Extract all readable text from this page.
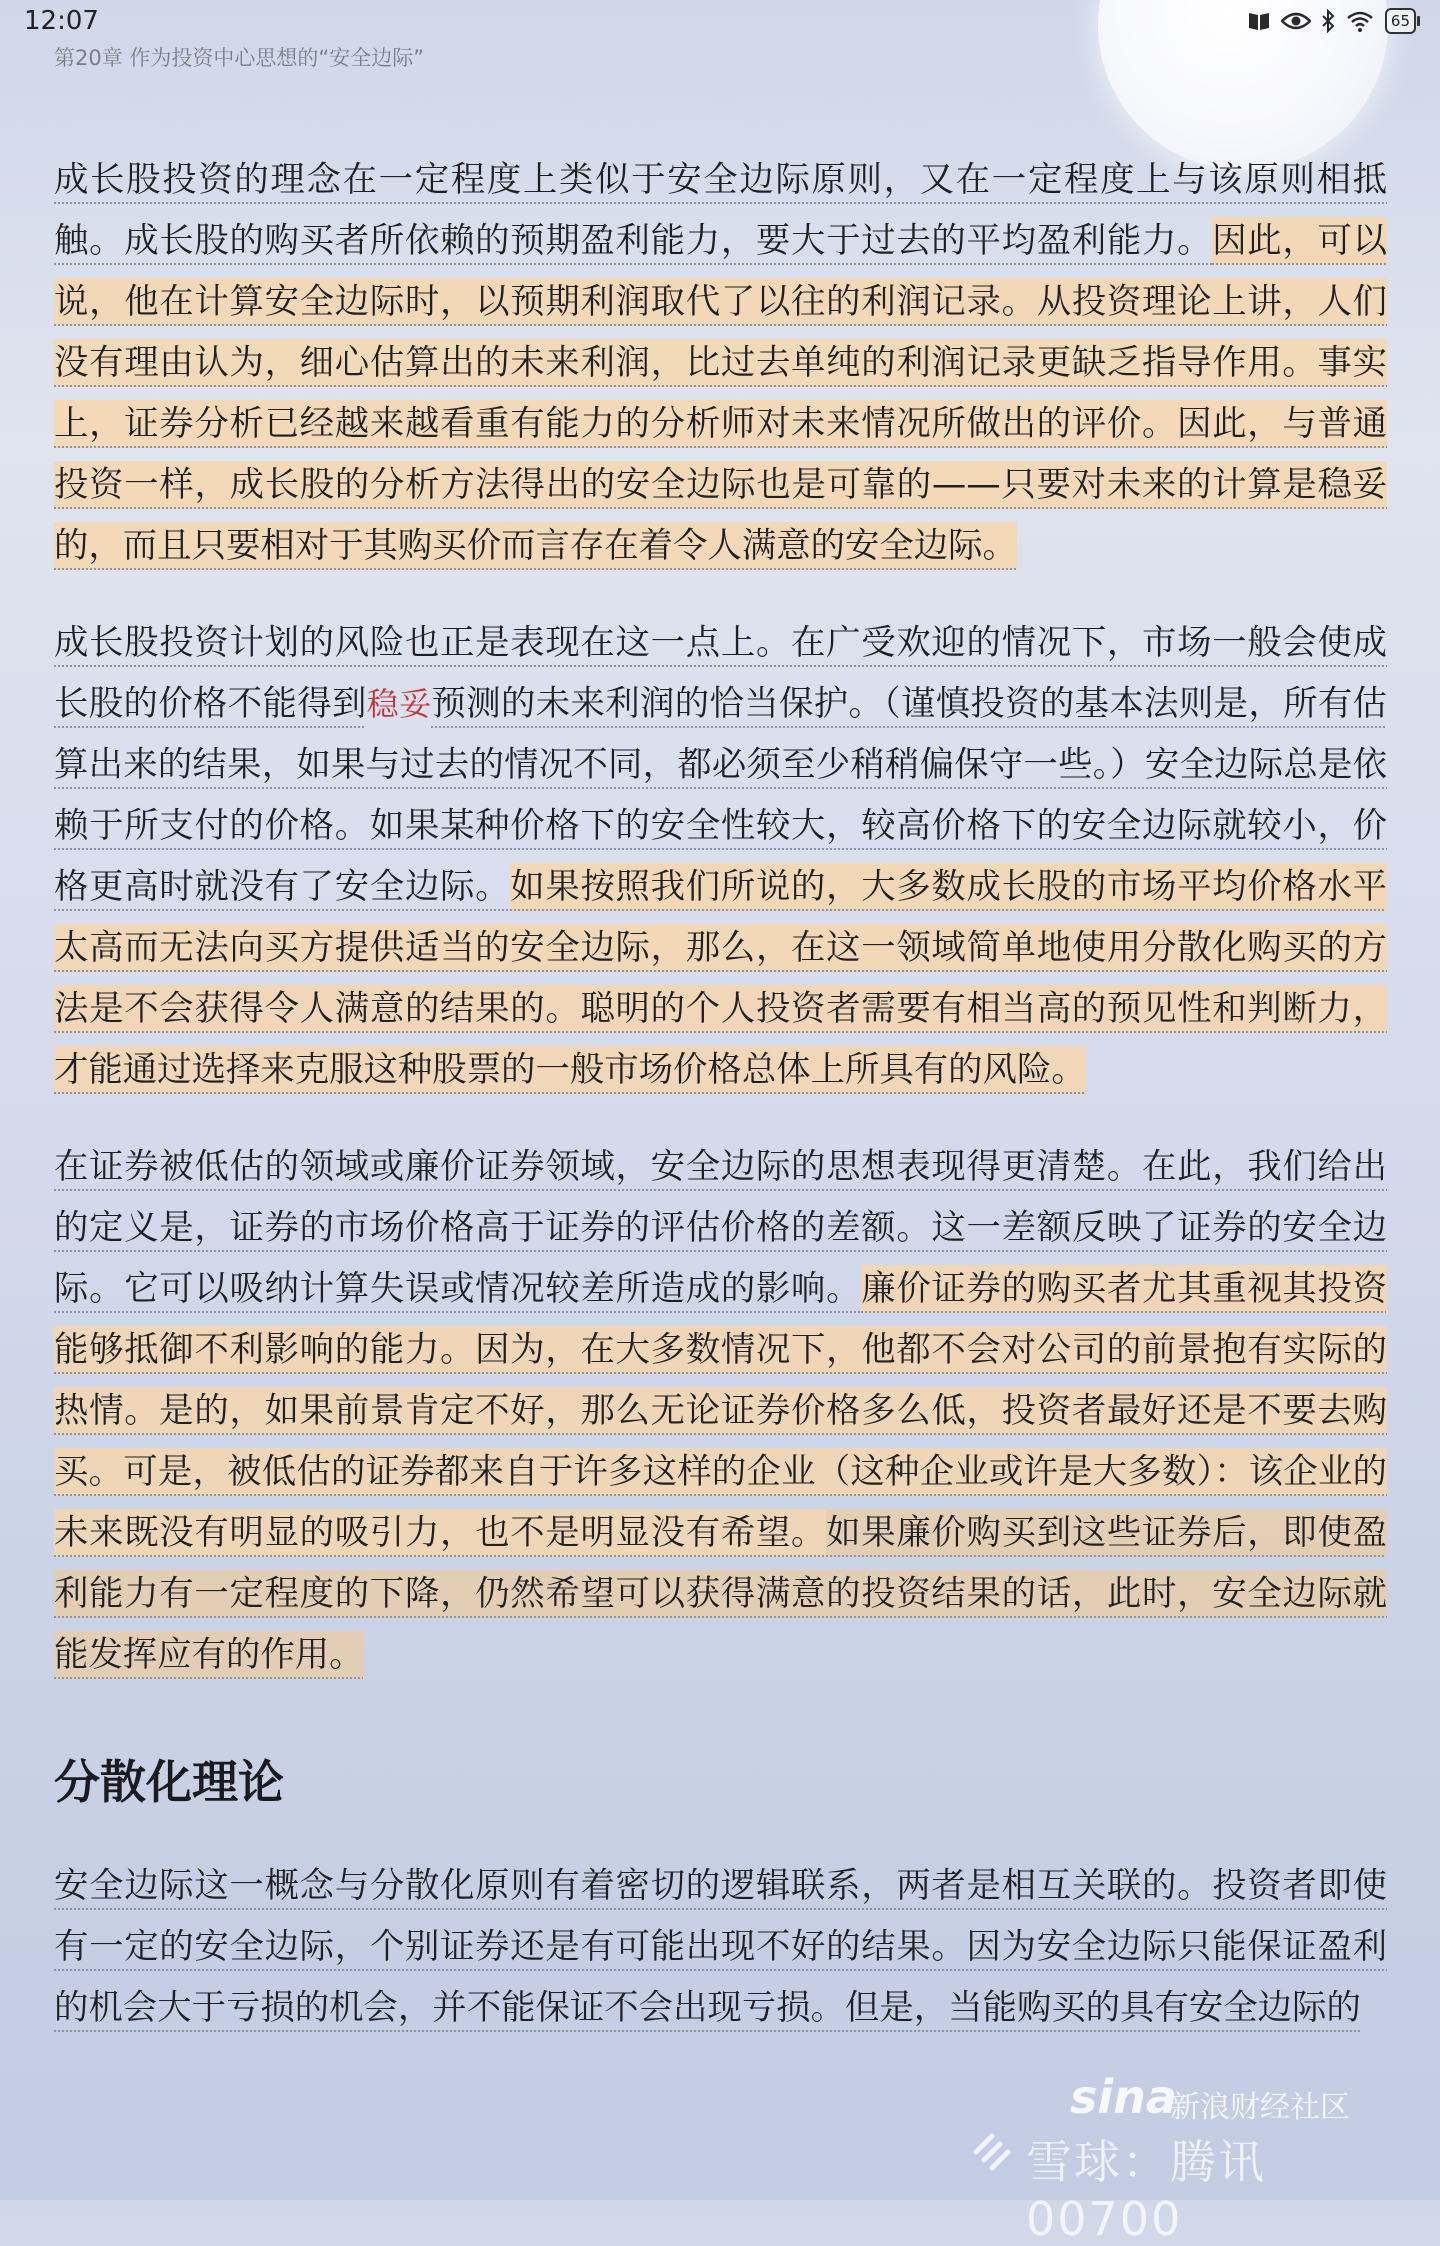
12:07	65
第20章 作为投资中心思想的“安全边际”

成长股投资的理念在一定程度上类似于安全边际原则，又在一定程度上与该原则相抵触。成长股的购买者所依赖的预期盈利能力，要大于过去的平均盈利能力。因此，可以说，他在计算安全边际时，以预期利润取代了以往的利润记录。从投资理论上讲，人们没有理由认为，细心估算出的未来利润，比过去单纯的利润记录更缺乏指导作用。事实上，证券分析已经越来越看重有能力的分析师对未来情况所做出的评价。因此，与普通投资一样，成长股的分析方法得出的安全边际也是可靠的——只要对未来的计算是稳妥的，而且只要相对于其购买价而言存在着令人满意的安全边际。

成长股投资计划的风险也正是表现在这一点上。在广受欢迎的情况下，市场一般会使成长股的价格不能得到稳妥预测的未来利润的恰当保护。（谨慎投资的基本法则是，所有估算出来的结果，如果与过去的情况不同，都必须至少稍稍偏保守一些。）安全边际总是依赖于所支付的价格。如果某种价格下的安全性较大，较高价格下的安全边际就较小，价格更高时就没有了安全边际。如果按照我们所说的，大多数成长股的市场平均价格水平太高而无法向买方提供适当的安全边际，那么，在这一领域简单地使用分散化购买的方法是不会获得令人满意的结果的。聪明的个人投资者需要有相当高的预见性和判断力，才能通过选择来克服这种股票的一般市场价格总体上所具有的风险。

在证券被低估的领域或廉价证券领域，安全边际的思想表现得更清楚。在此，我们给出的定义是，证券的市场价格高于证券的评估价格的差额。这一差额反映了证券的安全边际。它可以吸纳计算失误或情况较差所造成的影响。廉价证券的购买者尤其重视其投资能够抵御不利影响的能力。因为，在大多数情况下，他都不会对公司的前景抱有实际的热情。是的，如果前景肯定不好，那么无论证券价格多么低，投资者最好还是不要去购买。可是，被低估的证券都来自于许多这样的企业（这种企业或许是大多数）：该企业的未来既没有明显的吸引力，也不是明显没有希望。如果廉价购买到这些证券后，即使盈利能力有一定程度的下降，仍然希望可以获得满意的投资结果的话，此时，安全边际就能发挥应有的作用。

分散化理论

安全边际这一概念与分散化原则有着密切的逻辑联系，两者是相互关联的。投资者即使有一定的安全边际，个别证券还是有可能出现不好的结果。因为安全边际只能保证盈利的机会大于亏损的机会，并不能保证不会出现亏损。但是，当能购买的具有安全边际的

sina
新浪财经社区
雪球：腾讯00700
